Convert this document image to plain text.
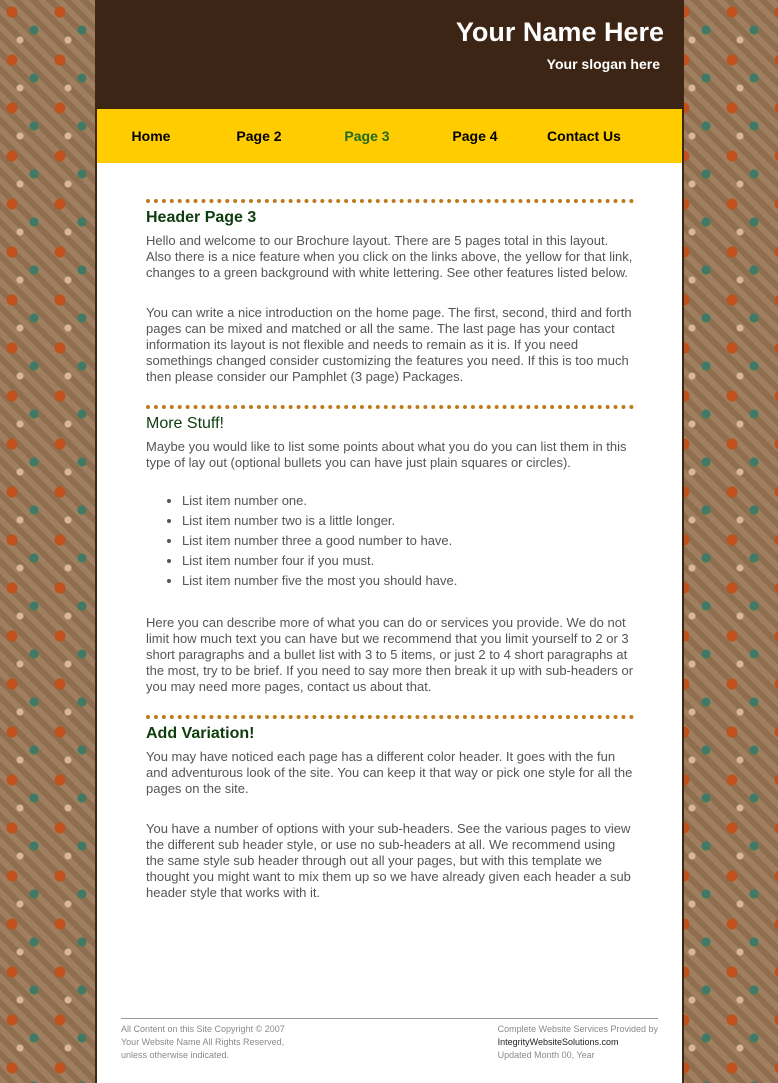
Your Name Here
Your slogan here
Home	Page 2	Page 3	Page 4	Contact Us
Header Page 3

Hello and welcome to our Brochure layout. There are 5 pages total in this layout. Also there is a nice feature when you click on the links above, the yellow for that link, changes to a green background with white lettering. See other features listed below.

You can write a nice introduction on the home page. The first, second, third and forth pages can be mixed and matched or all the same. The last page has your contact information its layout is not flexible and needs to remain as it is. If you need somethings changed consider customizing the features you need. If this is too much then please consider our Pamphlet (3 page) Packages.

More Stuff!

Maybe you would like to list some points about what you do you can list them in this type of lay out (optional bullets you can have just plain squares or circles).

• List item number one.
• List item number two is a little longer.
• List item number three a good number to have.
• List item number four if you must.
• List item number five the most you should have.

Here you can describe more of what you can do or services you provide. We do not limit how much text you can have but we recommend that you limit yourself to 2 or 3 short paragraphs and a bullet list with 3 to 5 items, or just 2 to 4 short paragraphs at the most, try to be brief. If you need to say more then break it up with sub-headers or you may need more pages, contact us about that.

Add Variation!

You may have noticed each page has a different color header. It goes with the fun and adventurous look of the site. You can keep it that way or pick one style for all the pages on the site.

You have a number of options with your sub-headers. See the various pages to view the different sub header style, or use no sub-headers at all. We recommend using the same style sub header through out all your pages, but with this template we thought you might want to mix them up so we have already given each header a sub header style that works with it.

All Content on this Site Copyright © 2007
Your Website Name All Rights Reserved,
unless otherwise indicated.
Complete Website Services Provided by
IntegrityWebsiteSolutions.com
Updated Month 00, Year
